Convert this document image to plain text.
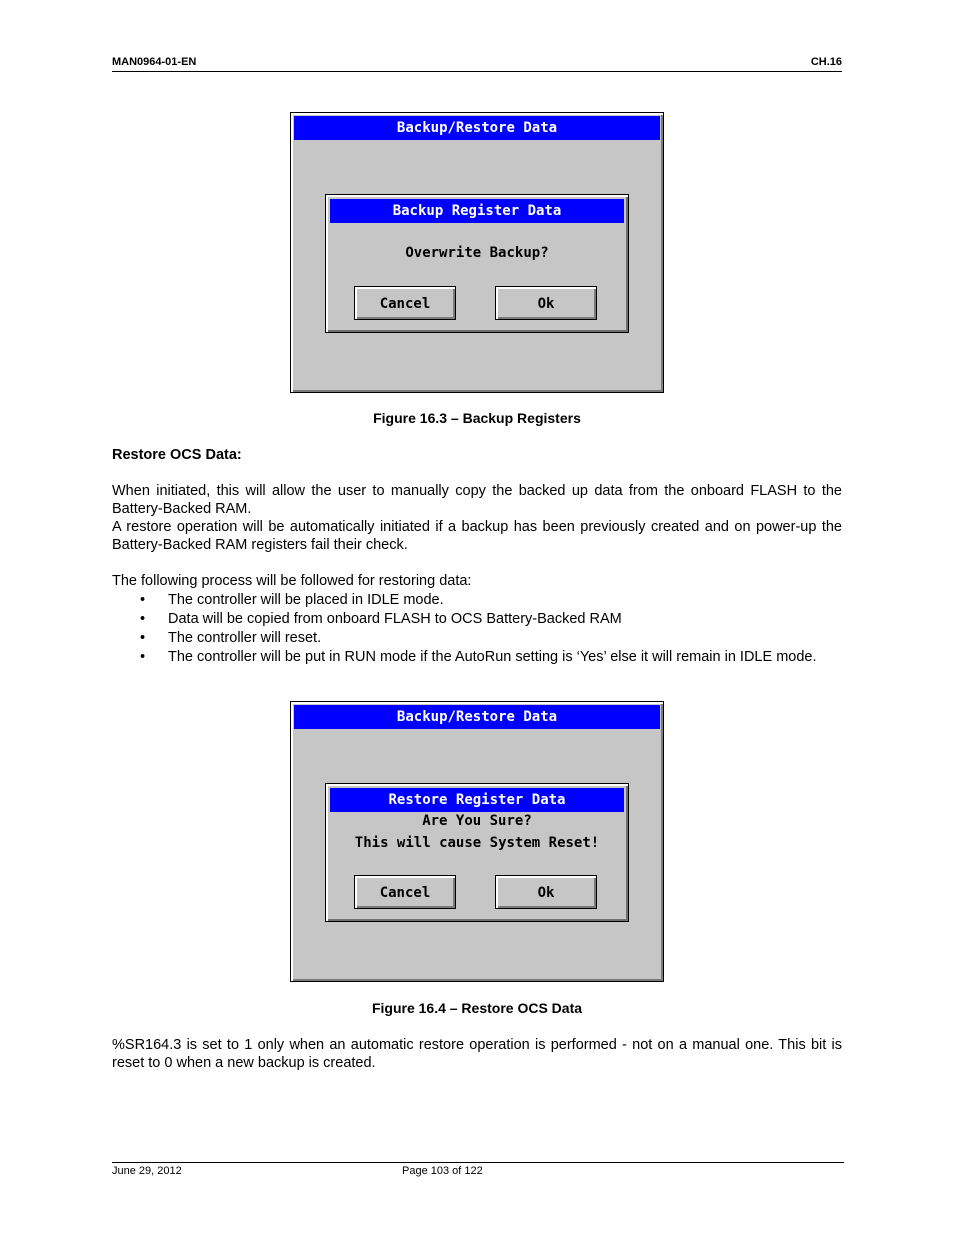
MAN0964-01-EN	CH.16
Backup/Restore Data
Backup Register Data
Overwrite Backup?
Cancel	Ok
Figure 16.3 – Backup Registers
Restore OCS Data:
When initiated, this will allow the user to manually copy the backed up data from the onboard FLASH to the Battery-Backed RAM.
A restore operation will be automatically initiated if a backup has been previously created and on power-up the Battery-Backed RAM registers fail their check.
The following process will be followed for restoring data:
• The controller will be placed in IDLE mode.
• Data will be copied from onboard FLASH to OCS Battery-Backed RAM
• The controller will reset.
• The controller will be put in RUN mode if the AutoRun setting is ‘Yes’ else it will remain in IDLE mode.
Backup/Restore Data
Restore Register Data
Are You Sure?
This will cause System Reset!
Cancel	Ok
Figure 16.4 – Restore OCS Data
%SR164.3 is set to 1 only when an automatic restore operation is performed - not on a manual one. This bit is reset to 0 when a new backup is created.
June 29, 2012	Page 103 of 122
